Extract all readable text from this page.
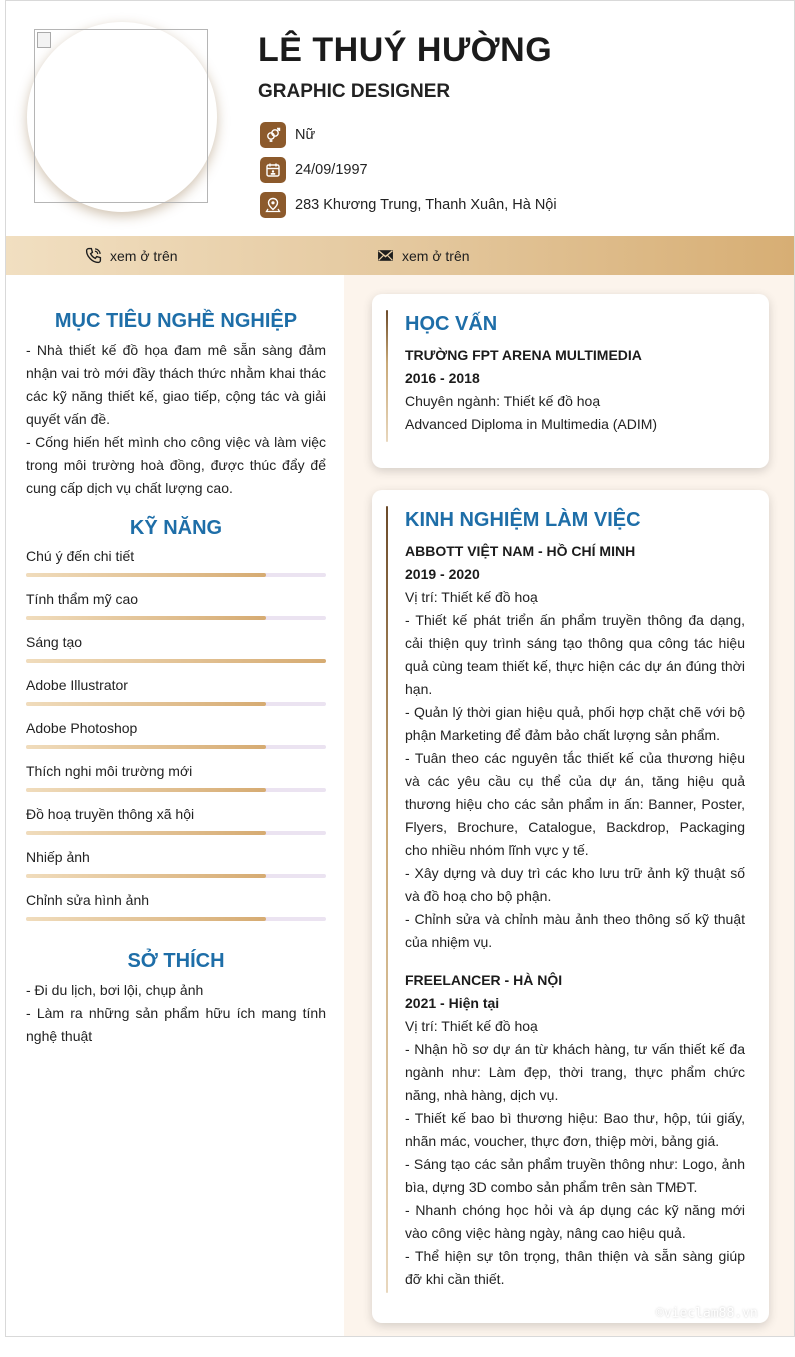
LÊ THUÝ HƯỜNG
GRAPHIC DESIGNER
Nữ
24/09/1997
283 Khương Trung, Thanh Xuân, Hà Nội
xem ở trên	xem ở trên
MỤC TIÊU NGHỀ NGHIỆP

- Nhà thiết kế đồ họa đam mê sẵn sàng đảm nhận vai trò mới đầy thách thức nhằm khai thác các kỹ năng thiết kế, giao tiếp, cộng tác và giải quyết vấn đề.

- Cống hiến hết mình cho công việc và làm việc trong môi trường hoà đồng, được thúc đẩy để cung cấp dịch vụ chất lượng cao.

KỸ NĂNG
Chú ý đến chi tiết
Tính thẩm mỹ cao
Sáng tạo
Adobe Illustrator
Adobe Photoshop
Thích nghi môi trường mới
Đồ hoạ truyền thông xã hội
Nhiếp ảnh
Chỉnh sửa hình ảnh
SỞ THÍCH

- Đi du lịch, bơi lội, chụp ảnh

- Làm ra những sản phẩm hữu ích mang tính nghệ thuật

HỌC VẤN
TRƯỜNG FPT ARENA MULTIMEDIA
2016 - 2018
Chuyên ngành: Thiết kế đồ hoạ
Advanced Diploma in Multimedia (ADIM)
KINH NGHIỆM LÀM VIỆC
ABBOTT VIỆT NAM - HỒ CHÍ MINH
2019 - 2020
Vị trí: Thiết kế đồ hoạ
- Thiết kế phát triển ấn phẩm truyền thông đa dạng, cải thiện quy trình sáng tạo thông qua công tác hiệu quả cùng team thiết kế, thực hiện các dự án đúng thời hạn.
- Quản lý thời gian hiệu quả, phối hợp chặt chẽ với bộ phận Marketing để đảm bảo chất lượng sản phẩm.
- Tuân theo các nguyên tắc thiết kế của thương hiệu và các yêu cầu cụ thể của dự án, tăng hiệu quả thương hiệu cho các sản phẩm in ấn: Banner, Poster, Flyers, Brochure, Catalogue, Backdrop, Packaging cho nhiều nhóm lĩnh vực y tế.
- Xây dựng và duy trì các kho lưu trữ ảnh kỹ thuật số và đồ hoạ cho bộ phận.
- Chỉnh sửa và chỉnh màu ảnh theo thông số kỹ thuật của nhiệm vụ.
FREELANCER - HÀ NỘI
2021 - Hiện tại
Vị trí: Thiết kế đồ hoạ
- Nhận hồ sơ dự án từ khách hàng, tư vấn thiết kế đa ngành như: Làm đẹp, thời trang, thực phẩm chức năng, nhà hàng, dịch vụ.
- Thiết kế bao bì thương hiệu: Bao thư, hộp, túi giấy, nhãn mác, voucher, thực đơn, thiệp mời, bảng giá.
- Sáng tạo các sản phẩm truyền thông như: Logo, ảnh bìa, dựng 3D combo sản phẩm trên sàn TMĐT.
- Nhanh chóng học hỏi và áp dụng các kỹ năng mới vào công việc hàng ngày, nâng cao hiệu quả.
- Thể hiện sự tôn trọng, thân thiện và sẵn sàng giúp đỡ khi cần thiết.
©vieclam88.vn
